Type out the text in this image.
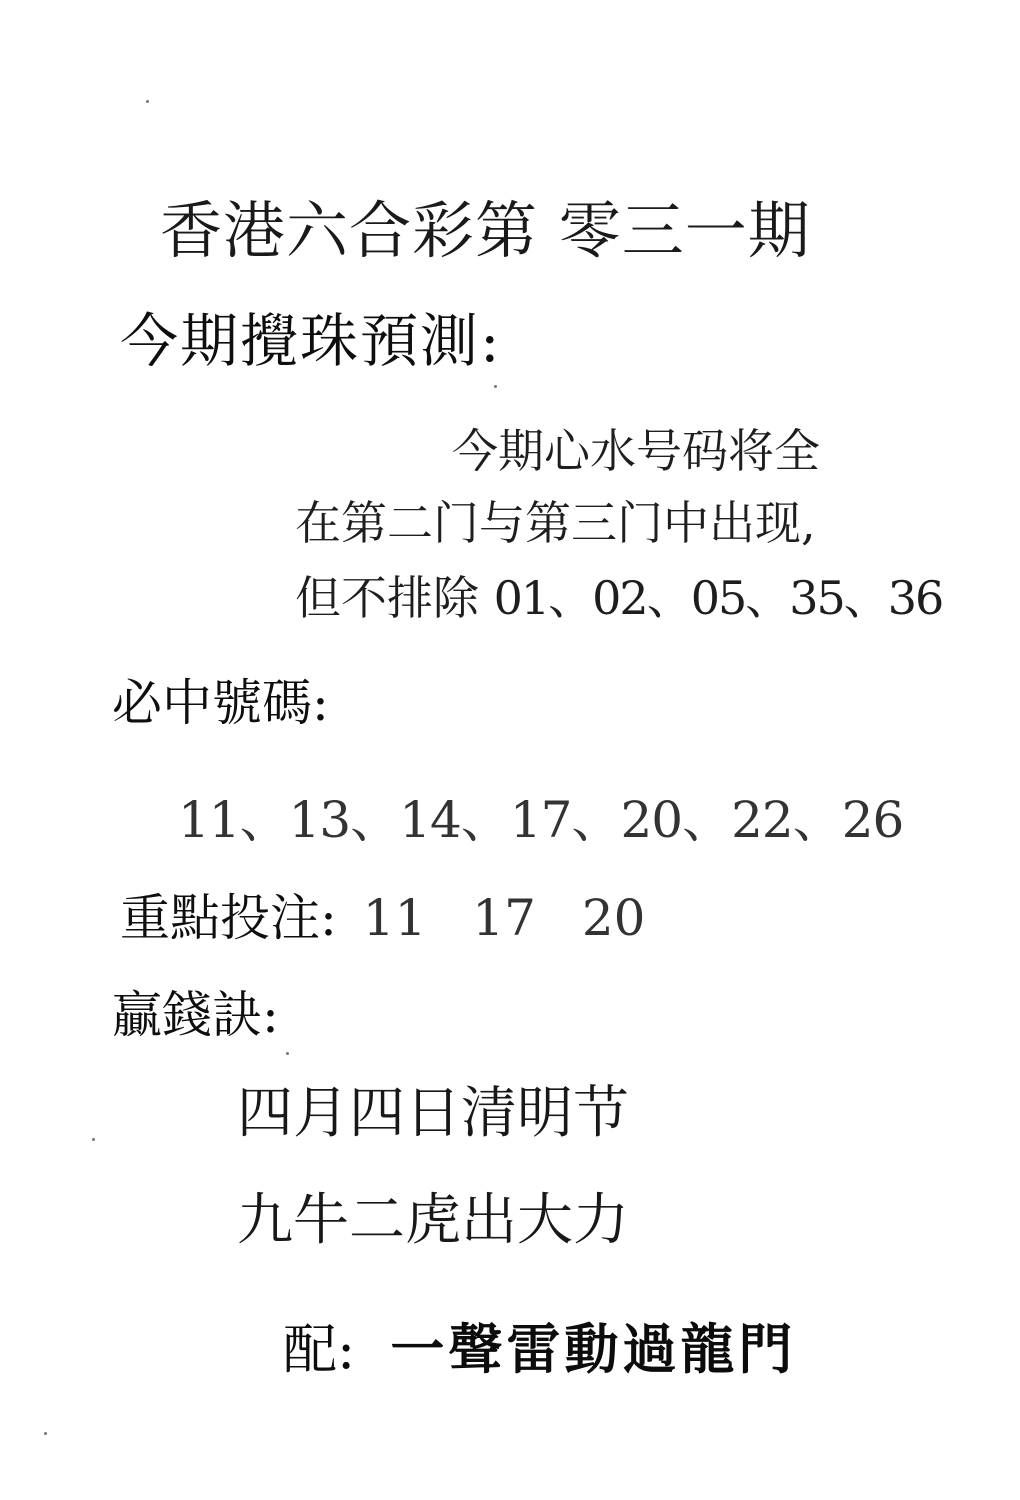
香港六合彩第 零三一期
今期攪珠預測:
今期心水号码将全
在第二门与第三门中出现,
但不排除 01、02、05、35、36
必中號碼:
11、13、14、17、20、22、26
重點投注: 11 17 20
贏錢訣:
四月四日清明节
九牛二虎出大力
配: 一聲雷動過龍門
